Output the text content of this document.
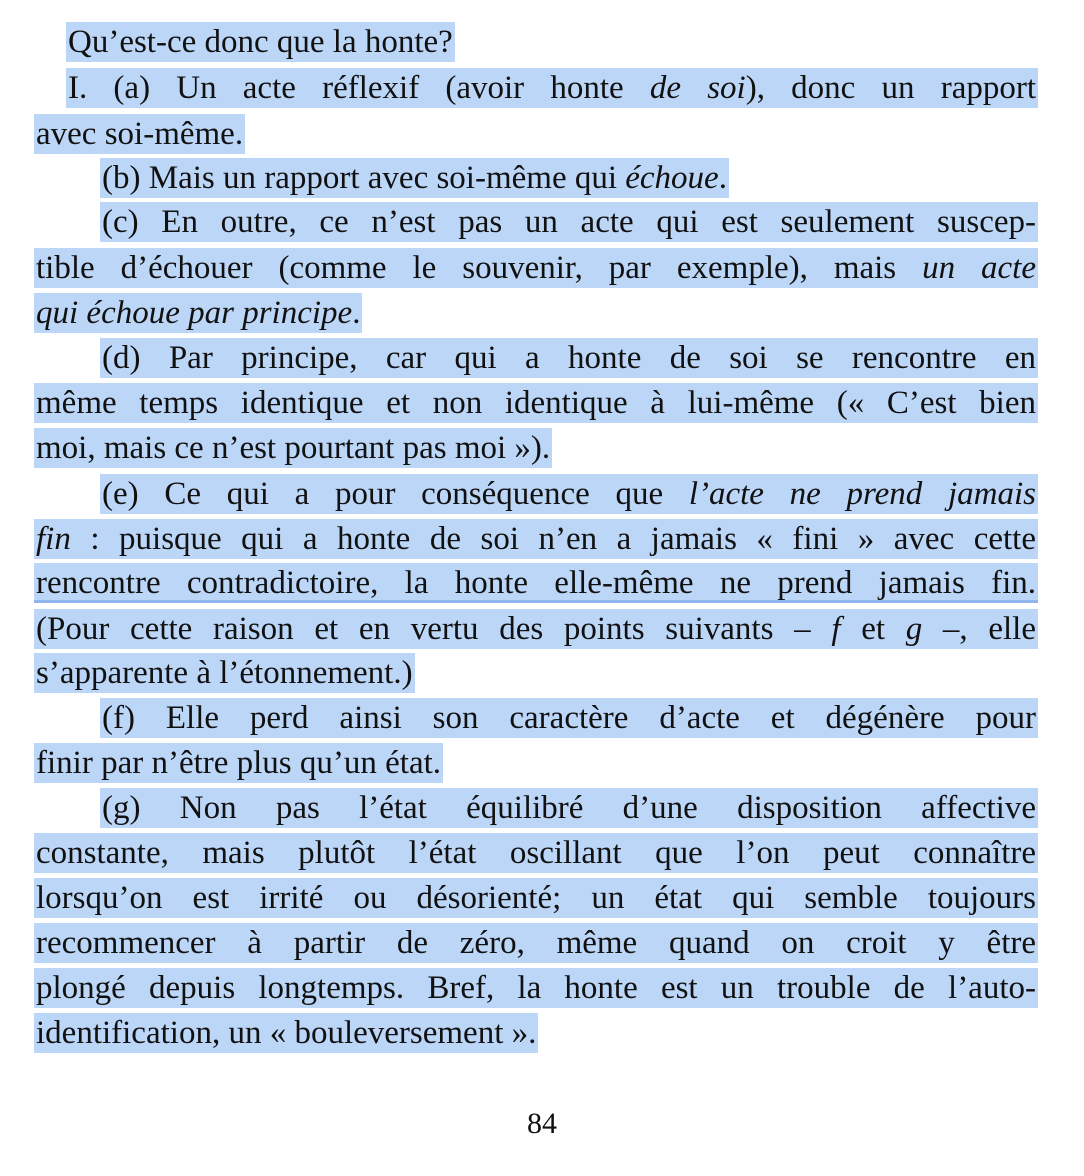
Qu’est-ce donc que la honte?
I. (a) Un acte réflexif (avoir honte de soi), donc un rapport
avec soi-même.
(b) Mais un rapport avec soi-même qui échoue.
(c) En outre, ce n’est pas un acte qui est seulement suscep-
tible d’échouer (comme le souvenir, par exemple), mais un acte
qui échoue par principe.
(d) Par principe, car qui a honte de soi se rencontre en
même temps identique et non identique à lui-même (« C’est bien
moi, mais ce n’est pourtant pas moi »).
(e) Ce qui a pour conséquence que l’acte ne prend jamais
fin : puisque qui a honte de soi n’en a jamais « fini » avec cette
rencontre contradictoire, la honte elle-même ne prend jamais fin.
(Pour cette raison et en vertu des points suivants – f et g –, elle
s’apparente à l’étonnement.)
(f) Elle perd ainsi son caractère d’acte et dégénère pour
finir par n’être plus qu’un état.
(g) Non pas l’état équilibré d’une disposition affective
constante, mais plutôt l’état oscillant que l’on peut connaître
lorsqu’on est irrité ou désorienté; un état qui semble toujours
recommencer à partir de zéro, même quand on croit y être
plongé depuis longtemps. Bref, la honte est un trouble de l’auto-
identification, un « bouleversement ».
84
